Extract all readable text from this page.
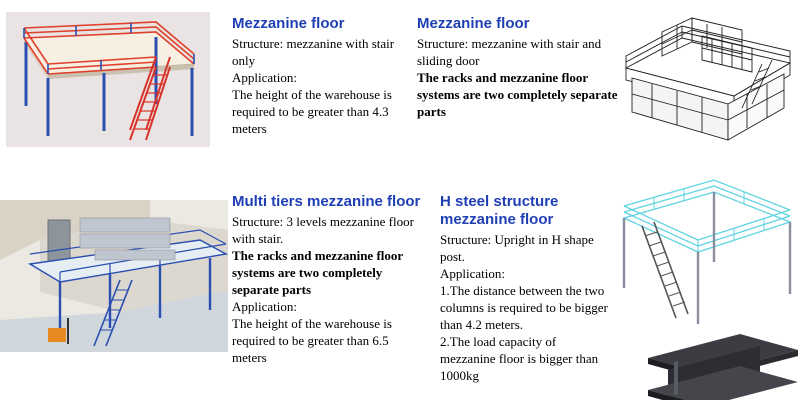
Mezzanine floor

Structure: mezzanine with stair only

Application:

The height of the warehouse is required to be greater than 4.3 meters

Mezzanine floor

Structure: mezzanine with stair and sliding door

The racks and mezzanine floor systems are two completely separate parts

Multi tiers mezzanine floor

Structure: 3 levels mezzanine floor with stair.

The racks and mezzanine floor systems are two completely separate parts

Application:

The height of the warehouse is required to be greater than 6.5 meters

H steel structure mezzanine floor

Structure: Upright in H shape post.

Application:

1.The distance between the two columns is required to be bigger than 4.2 meters.

2.The load capacity of mezzanine floor is bigger than 1000kg
